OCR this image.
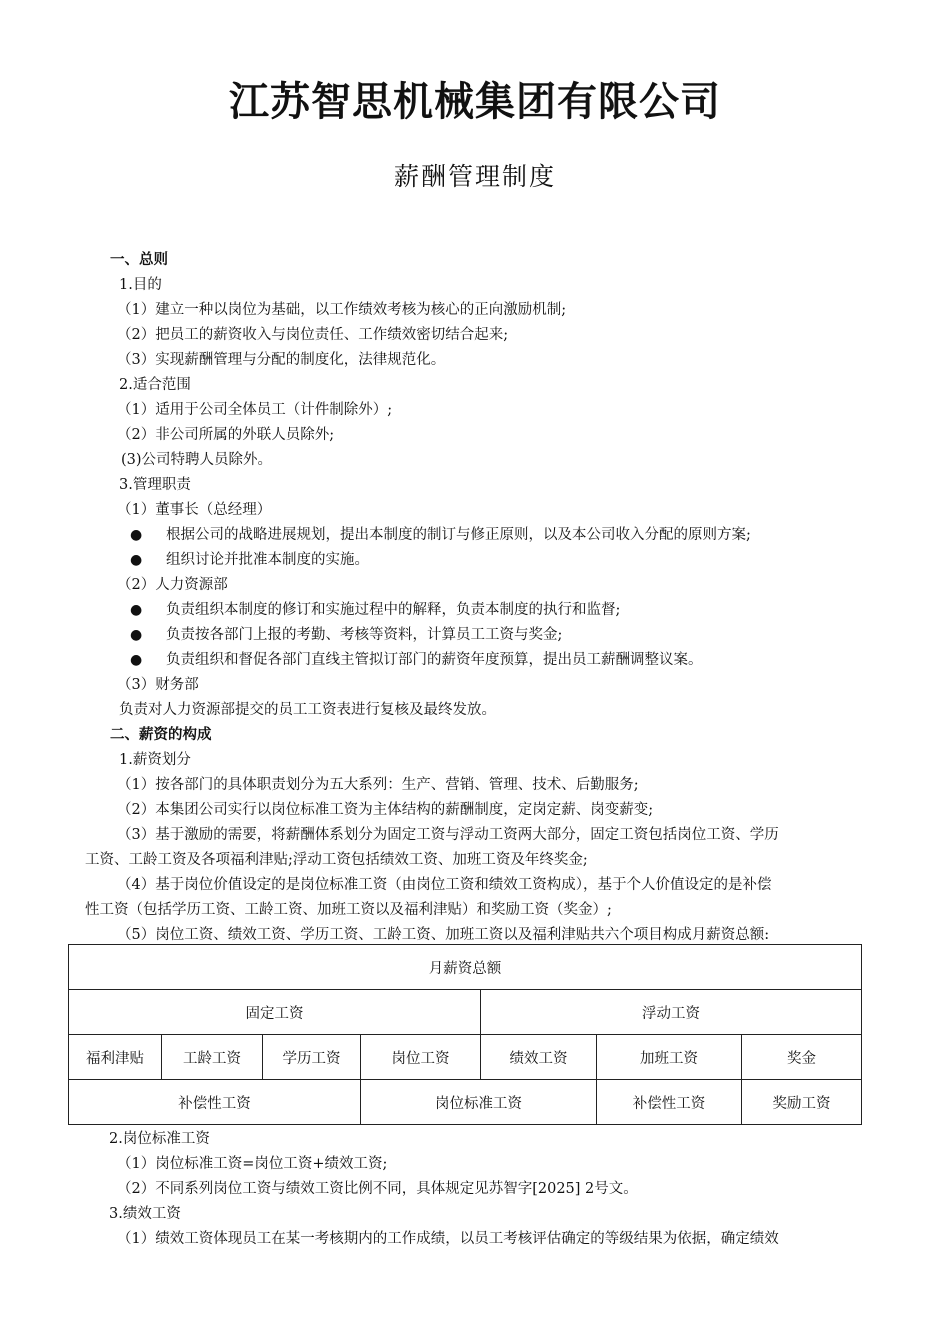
江苏智思机械集团有限公司
薪酬管理制度
一、总则
1.目的
（1）建立一种以岗位为基础，以工作绩效考核为核心的正向激励机制;
（2）把员工的薪资收入与岗位责任、工作绩效密切结合起来;
（3）实现薪酬管理与分配的制度化，法律规范化。
2.适合范围
（1）适用于公司全体员工（计件制除外）;
（2）非公司所属的外联人员除外;
(3)公司特聘人员除外。
3.管理职责
（1）董事长（总经理）
● 根据公司的战略进展规划，提出本制度的制订与修正原则，以及本公司收入分配的原则方案;
● 组织讨论并批准本制度的实施。
（2）人力资源部
● 负责组织本制度的修订和实施过程中的解释，负责本制度的执行和监督;
● 负责按各部门上报的考勤、考核等资料，计算员工工资与奖金;
● 负责组织和督促各部门直线主管拟订部门的薪资年度预算，提出员工薪酬调整议案。
（3）财务部
负责对人力资源部提交的员工工资表进行复核及最终发放。
二、薪资的构成
1.薪资划分
（1）按各部门的具体职责划分为五大系列：生产、营销、管理、技术、后勤服务;
（2）本集团公司实行以岗位标准工资为主体结构的薪酬制度，定岗定薪、岗变薪变;
（3）基于激励的需要，将薪酬体系划分为固定工资与浮动工资两大部分，固定工资包括岗位工资、学历
工资、工龄工资及各项福利津贴;浮动工资包括绩效工资、加班工资及年终奖金;
（4）基于岗位价值设定的是岗位标准工资（由岗位工资和绩效工资构成），基于个人价值设定的是补偿
性工资（包括学历工资、工龄工资、加班工资以及福利津贴）和奖励工资（奖金）;
（5）岗位工资、绩效工资、学历工资、工龄工资、加班工资以及福利津贴共六个项目构成月薪资总额:
月薪资总额						
固定工资				浮动工资		
福利津贴	工龄工资	学历工资	岗位工资	绩效工资	加班工资	奖金
补偿性工资			岗位标准工资		补偿性工资	奖励工资
2.岗位标准工资
（1）岗位标准工资=岗位工资+绩效工资;
（2）不同系列岗位工资与绩效工资比例不同，具体规定见苏智字[2025] 2号文。
3.绩效工资
（1）绩效工资体现员工在某一考核期内的工作成绩，以员工考核评估确定的等级结果为依据，确定绩效
